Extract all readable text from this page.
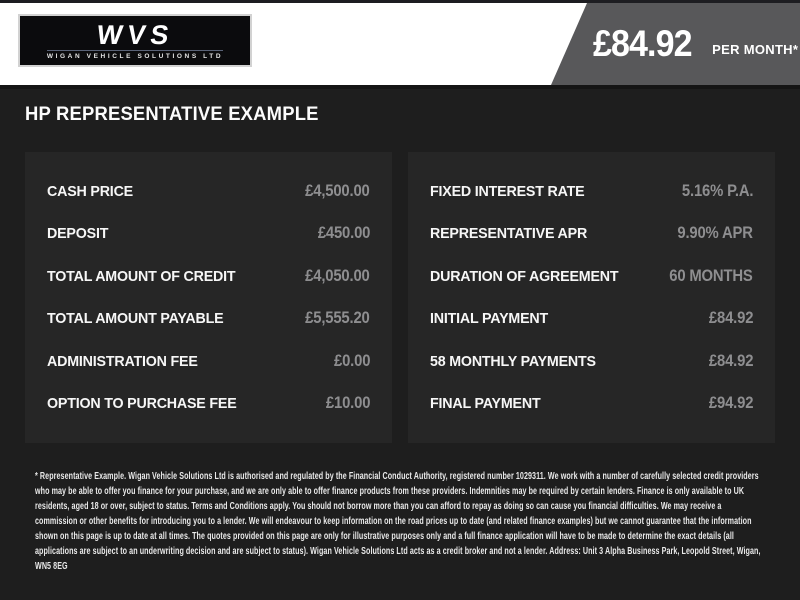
WVS
WIGAN VEHICLE SOLUTIONS LTD	£84.92 PER MONTH*
HP REPRESENTATIVE EXAMPLE
CASH PRICE	£4,500.00
DEPOSIT	£450.00
TOTAL AMOUNT OF CREDIT	£4,050.00
TOTAL AMOUNT PAYABLE	£5,555.20
ADMINISTRATION FEE	£0.00
OPTION TO PURCHASE FEE	£10.00
FIXED INTEREST RATE	5.16% P.A.
REPRESENTATIVE APR	9.90% APR
DURATION OF AGREEMENT	60 MONTHS
INITIAL PAYMENT	£84.92
58 MONTHLY PAYMENTS	£84.92
FINAL PAYMENT	£94.92

* Representative Example. Wigan Vehicle Solutions Ltd is authorised and regulated by the Financial Conduct Authority, registered number 1029311. We work with a number of carefully selected credit providers who may be able to offer you finance for your purchase, and we are only able to offer finance products from these providers. Indemnities may be required by certain lenders. Finance is only available to UK residents, aged 18 or over, subject to status. Terms and Conditions apply. You should not borrow more than you can afford to repay as doing so can cause you financial difficulties. We may receive a commission or other benefits for introducing you to a lender. We will endeavour to keep information on the road prices up to date (and related finance examples) but we cannot guarantee that the information shown on this page is up to date at all times. The quotes provided on this page are only for illustrative purposes only and a full finance application will have to be made to determine the exact details (all applications are subject to an underwriting decision and are subject to status). Wigan Vehicle Solutions Ltd acts as a credit broker and not a lender. Address: Unit 3 Alpha Business Park, Leopold Street, Wigan, WN5 8EG
